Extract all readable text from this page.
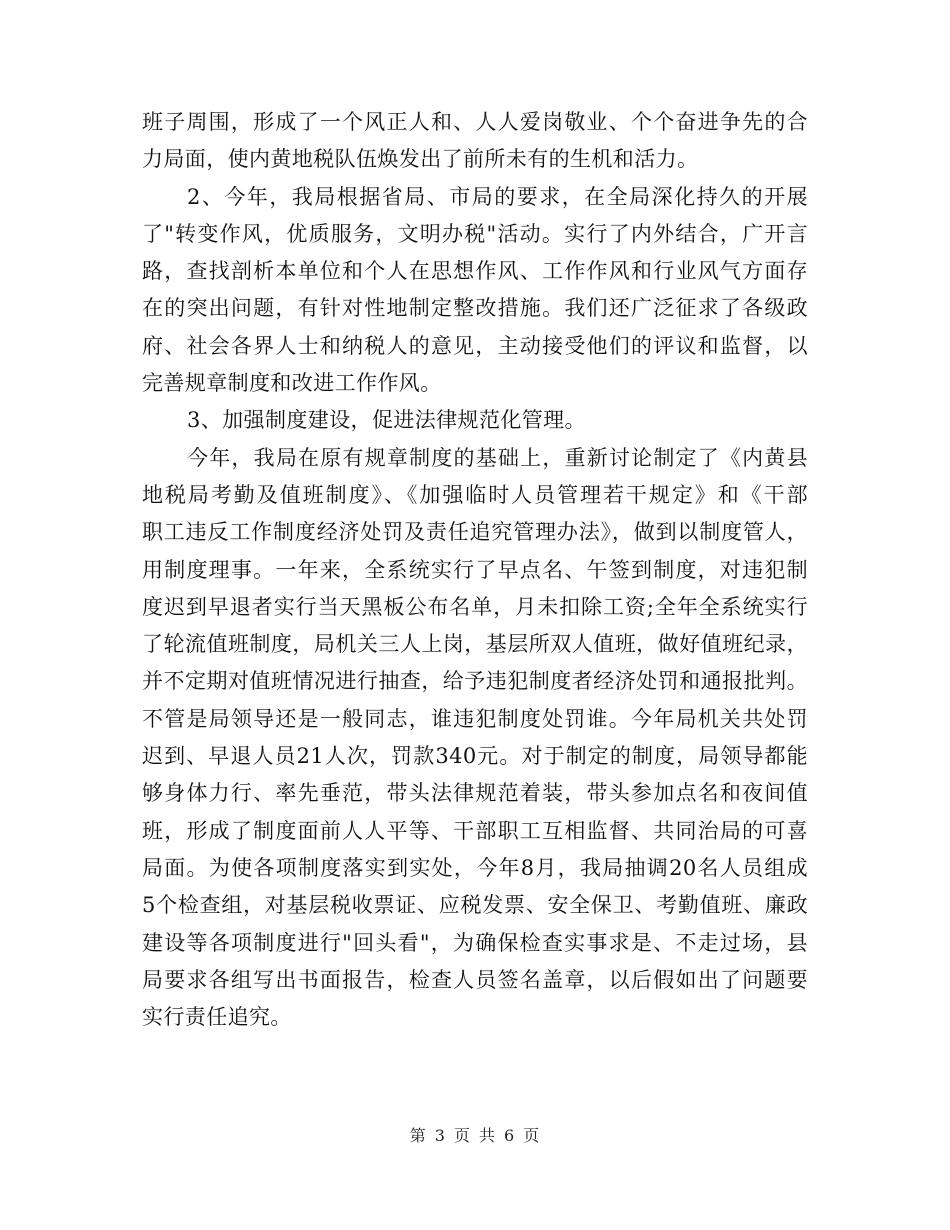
班子周围，形成了一个风正人和、人人爱岗敬业、个个奋进争先的合
力局面，使内黄地税队伍焕发出了前所未有的生机和活力。
2、今年，我局根据省局、市局的要求，在全局深化持久的开展
了"转变作风，优质服务，文明办税"活动。实行了内外结合，广开言
路，查找剖析本单位和个人在思想作风、工作作风和行业风气方面存
在的突出问题，有针对性地制定整改措施。我们还广泛征求了各级政
府、社会各界人士和纳税人的意见，主动接受他们的评议和监督，以
完善规章制度和改进工作作风。
3、加强制度建设，促进法律规范化管理。
今年，我局在原有规章制度的基础上，重新讨论制定了《内黄县
地税局考勤及值班制度》、《加强临时人员管理若干规定》和《干部
职工违反工作制度经济处罚及责任追究管理办法》，做到以制度管人，
用制度理事。一年来，全系统实行了早点名、午签到制度，对违犯制
度迟到早退者实行当天黑板公布名单，月未扣除工资;全年全系统实行
了轮流值班制度，局机关三人上岗，基层所双人值班，做好值班纪录，
并不定期对值班情况进行抽查，给予违犯制度者经济处罚和通报批判。
不管是局领导还是一般同志，谁违犯制度处罚谁。今年局机关共处罚
迟到、早退人员21人次，罚款340元。对于制定的制度，局领导都能
够身体力行、率先垂范，带头法律规范着装，带头参加点名和夜间值
班，形成了制度面前人人平等、干部职工互相监督、共同治局的可喜
局面。为使各项制度落实到实处，今年8月，我局抽调20名人员组成
5个检查组，对基层税收票证、应税发票、安全保卫、考勤值班、廉政
建设等各项制度进行"回头看"，为确保检查实事求是、不走过场，县
局要求各组写出书面报告，检查人员签名盖章，以后假如出了问题要
实行责任追究。
第 3 页 共 6 页
